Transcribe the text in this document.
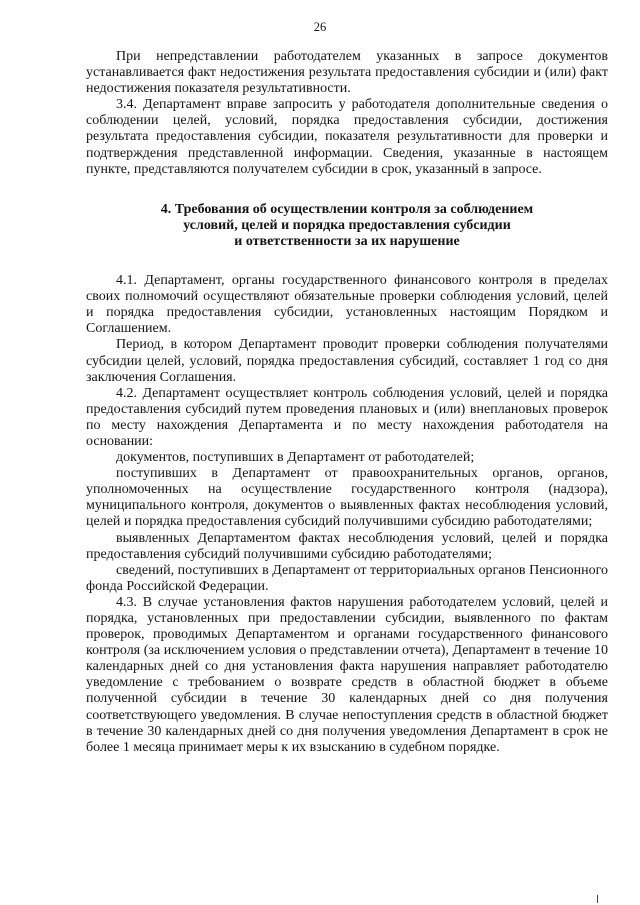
26

При непредставлении работодателем указанных в запросе документов устанавливается факт недостижения результата предоставления субсидии и (или) факт недостижения показателя результативности.

3.4. Департамент вправе запросить у работодателя дополнительные сведения о соблюдении целей, условий, порядка предоставления субсидии, достижения результата предоставления субсидии, показателя результативности для проверки и подтверждения представленной информации. Сведения, указанные в настоящем пункте, представляются получателем субсидии в срок, указанный в запросе.

4. Требования об осуществлении контроля за соблюдением
условий, целей и порядка предоставления субсидии
и ответственности за их нарушение

4.1. Департамент, органы государственного финансового контроля в пределах своих полномочий осуществляют обязательные проверки соблюдения условий, целей и порядка предоставления субсидии, установленных настоящим Порядком и Соглашением.

Период, в котором Департамент проводит проверки соблюдения получателями субсидии целей, условий, порядка предоставления субсидий, составляет 1 год со дня заключения Соглашения.

4.2. Департамент осуществляет контроль соблюдения условий, целей и порядка предоставления субсидий путем проведения плановых и (или) внеплановых проверок по месту нахождения Департамента и по месту нахождения работодателя на основании:

документов, поступивших в Департамент от работодателей;

поступивших в Департамент от правоохранительных органов, органов, уполномоченных на осуществление государственного контроля (надзора), муниципального контроля, документов о выявленных фактах несоблюдения условий, целей и порядка предоставления субсидий получившими субсидию работодателями;

выявленных Департаментом фактах несоблюдения условий, целей и порядка предоставления субсидий получившими субсидию работодателями;

сведений, поступивших в Департамент от территориальных органов Пенсионного фонда Российской Федерации.

4.3. В случае установления фактов нарушения работодателем условий, целей и порядка, установленных при предоставлении субсидии, выявленного по фактам проверок, проводимых Департаментом и органами государственного финансового контроля (за исключением условия о представлении отчета), Департамент в течение 10 календарных дней со дня установления факта нарушения направляет работодателю уведомление с требованием о возврате средств в областной бюджет в объеме полученной субсидии в течение 30 календарных дней со дня получения соответствующего уведомления. В случае непоступления средств в областной бюджет в течение 30 календарных дней со дня получения уведомления Департамент в срок не более 1 месяца принимает меры к их взысканию в судебном порядке.
